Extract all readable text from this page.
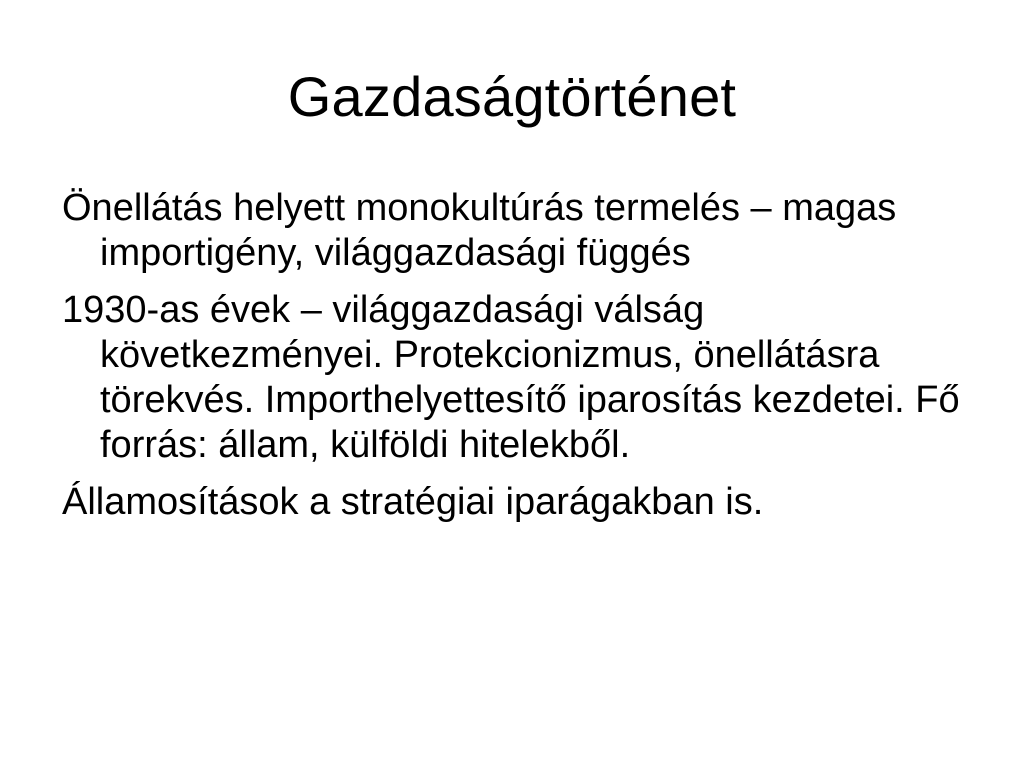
Gazdaságtörténet
Önellátás helyett monokultúrás termelés – magas importigény, világgazdasági függés
1930-as évek – világgazdasági válság következményei. Protekcionizmus, önellátásra törekvés. Importhelyettesítő iparosítás kezdetei. Fő forrás: állam, külföldi hitelekből.
Államosítások a stratégiai iparágakban is.
